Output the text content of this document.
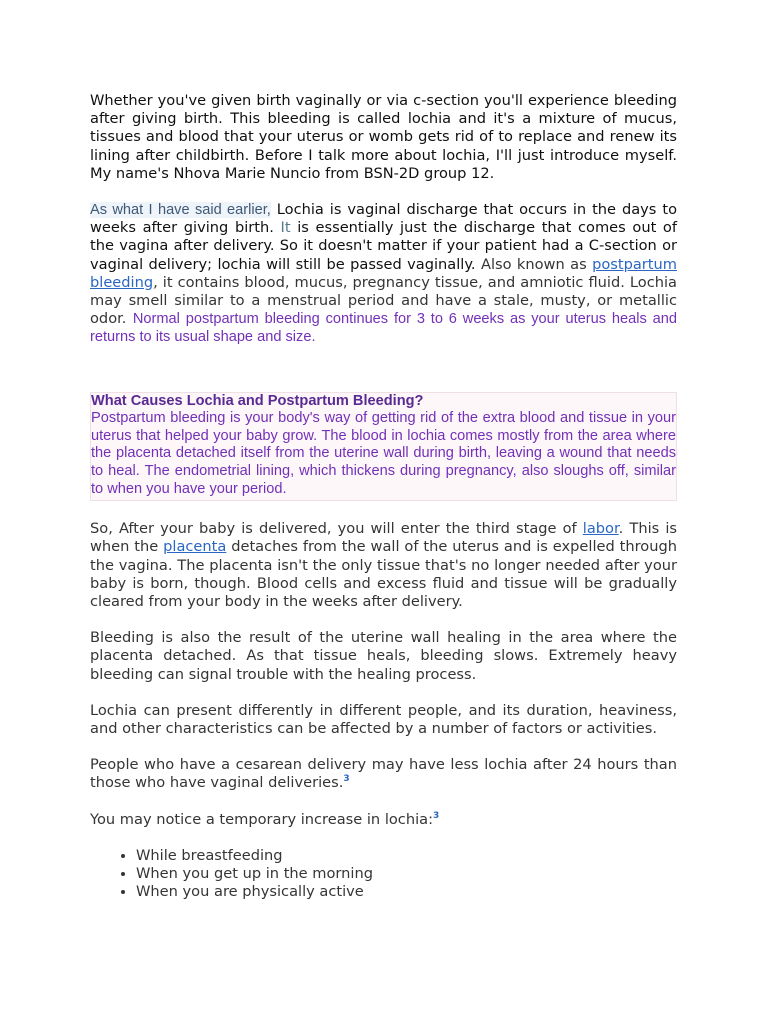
Whether you've given birth vaginally or via c-section you'll experience bleeding after giving birth. This bleeding is called lochia and it's a mixture of mucus, tissues and blood that your uterus or womb gets rid of to replace and renew its lining after childbirth. Before I talk more about lochia, I'll just introduce myself. My name's Nhova Marie Nuncio from BSN-2D group 12.

As what I have said earlier, Lochia is vaginal discharge that occurs in the days to weeks after giving birth. It is essentially just the discharge that comes out of the vagina after delivery. So it doesn't matter if your patient had a C-section or vaginal delivery; lochia will still be passed vaginally. Also known as postpartum bleeding, it contains blood, mucus, pregnancy tissue, and amniotic fluid. Lochia may smell similar to a menstrual period and have a stale, musty, or metallic odor. Normal postpartum bleeding continues for 3 to 6 weeks as your uterus heals and returns to its usual shape and size.

What Causes Lochia and Postpartum Bleeding?

Postpartum bleeding is your body's way of getting rid of the extra blood and tissue in your uterus that helped your baby grow. The blood in lochia comes mostly from the area where the placenta detached itself from the uterine wall during birth, leaving a wound that needs to heal. The endometrial lining, which thickens during pregnancy, also sloughs off, similar to when you have your period.

So, After your baby is delivered, you will enter the third stage of labor. This is when the placenta detaches from the wall of the uterus and is expelled through the vagina. The placenta isn't the only tissue that's no longer needed after your baby is born, though. Blood cells and excess fluid and tissue will be gradually cleared from your body in the weeks after delivery.

Bleeding is also the result of the uterine wall healing in the area where the placenta detached. As that tissue heals, bleeding slows. Extremely heavy bleeding can signal trouble with the healing process.

Lochia can present differently in different people, and its duration, heaviness, and other characteristics can be affected by a number of factors or activities.

People who have a cesarean delivery may have less lochia after 24 hours than those who have vaginal deliveries.$^3$

You may notice a temporary increase in lochia:$^3$

• While breastfeeding
• When you get up in the morning
• When you are physically active
